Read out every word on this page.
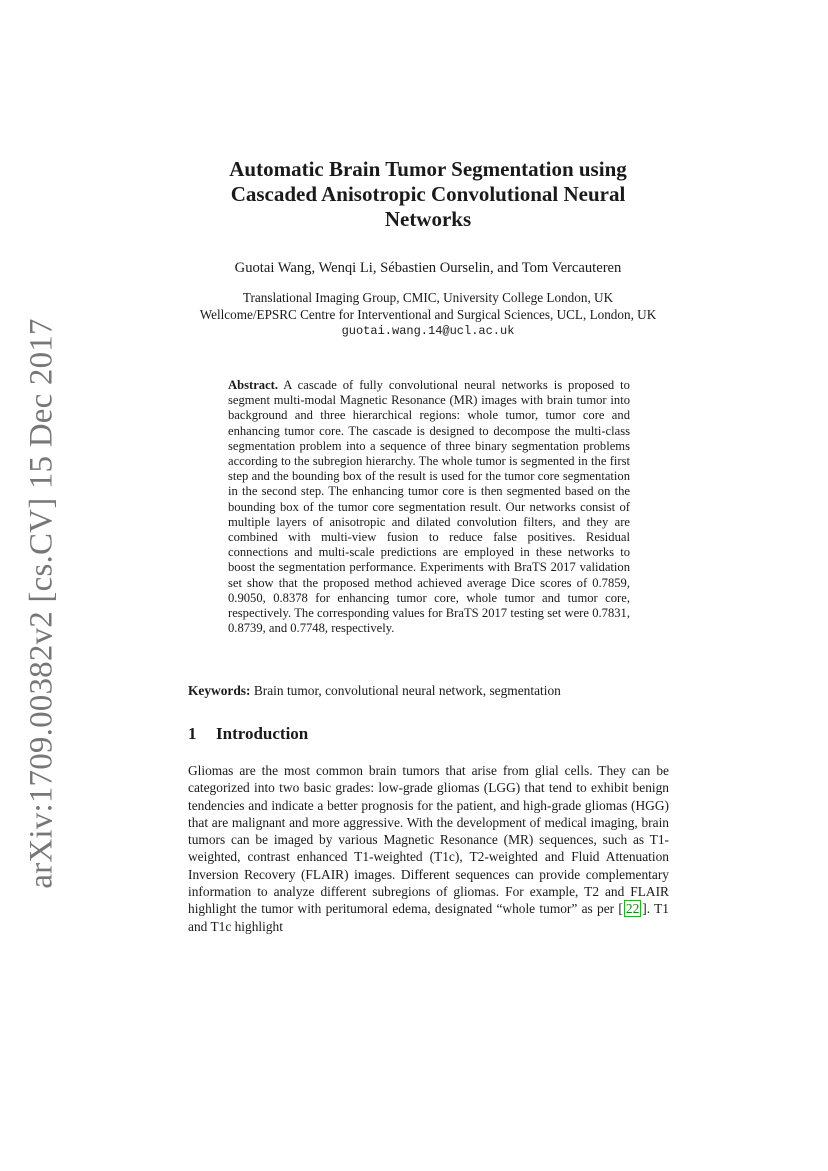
arXiv:1709.00382v2 [cs.CV] 15 Dec 2017
Automatic Brain Tumor Segmentation using Cascaded Anisotropic Convolutional Neural Networks
Guotai Wang, Wenqi Li, Sébastien Ourselin, and Tom Vercauteren
Translational Imaging Group, CMIC, University College London, UK
Wellcome/EPSRC Centre for Interventional and Surgical Sciences, UCL, London, UK
guotai.wang.14@ucl.ac.uk
Abstract. A cascade of fully convolutional neural networks is proposed to segment multi-modal Magnetic Resonance (MR) images with brain tumor into background and three hierarchical regions: whole tumor, tumor core and enhancing tumor core. The cascade is designed to decompose the multi-class segmentation problem into a sequence of three binary segmentation problems according to the subregion hierarchy. The whole tumor is segmented in the first step and the bounding box of the result is used for the tumor core segmentation in the second step. The enhancing tumor core is then segmented based on the bounding box of the tumor core segmentation result. Our networks consist of multiple layers of anisotropic and dilated convolution filters, and they are combined with multi-view fusion to reduce false positives. Residual connections and multi-scale predictions are employed in these networks to boost the segmentation performance. Experiments with BraTS 2017 validation set show that the proposed method achieved average Dice scores of 0.7859, 0.9050, 0.8378 for enhancing tumor core, whole tumor and tumor core, respectively. The corresponding values for BraTS 2017 testing set were 0.7831, 0.8739, and 0.7748, respectively.
Keywords: Brain tumor, convolutional neural network, segmentation
1 Introduction
Gliomas are the most common brain tumors that arise from glial cells. They can be categorized into two basic grades: low-grade gliomas (LGG) that tend to exhibit benign tendencies and indicate a better prognosis for the patient, and high-grade gliomas (HGG) that are malignant and more aggressive. With the development of medical imaging, brain tumors can be imaged by various Magnetic Resonance (MR) sequences, such as T1-weighted, contrast enhanced T1-weighted (T1c), T2-weighted and Fluid Attenuation Inversion Recovery (FLAIR) images. Different sequences can provide complementary information to analyze different subregions of gliomas. For example, T2 and FLAIR highlight the tumor with peritumoral edema, designated “whole tumor” as per [ 22 ]. T1 and T1c highlight
